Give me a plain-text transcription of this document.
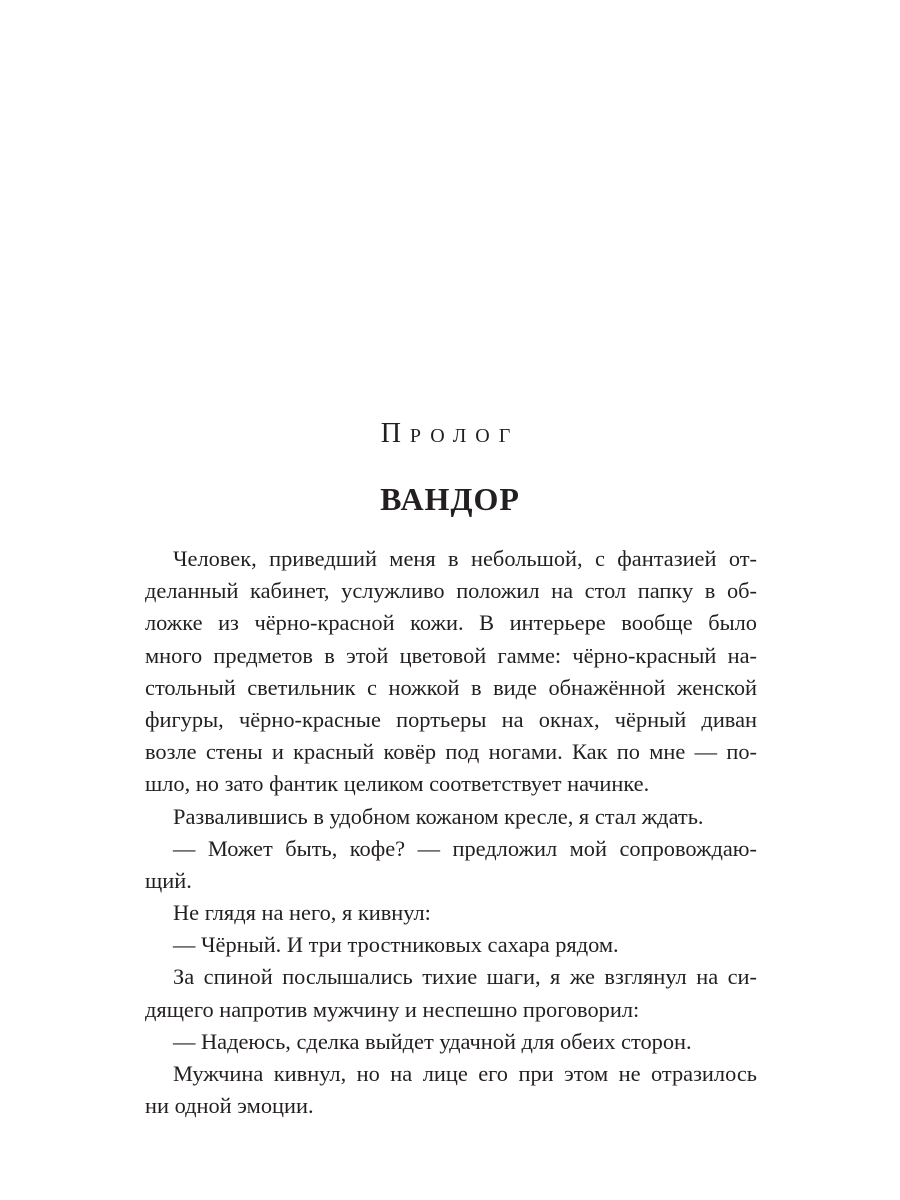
Пролог
ВАНДОР
Человек, приведший меня в небольшой, с фантазией от-
деланный кабинет, услужливо положил на стол папку в об-
ложке из чёрно-красной кожи. В интерьере вообще было
много предметов в этой цветовой гамме: чёрно-красный на-
стольный светильник с ножкой в виде обнажённой женской
фигуры, чёрно-красные портьеры на окнах, чёрный диван
возле стены и красный ковёр под ногами. Как по мне — по-
шло, но зато фантик целиком соответствует начинке.
Развалившись в удобном кожаном кресле, я стал ждать.
— Может быть, кофе? — предложил мой сопровождаю-
щий.
Не глядя на него, я кивнул:
— Чёрный. И три тростниковых сахара рядом.
За спиной послышались тихие шаги, я же взглянул на си-
дящего напротив мужчину и неспешно проговорил:
— Надеюсь, сделка выйдет удачной для обеих сторон.
Мужчина кивнул, но на лице его при этом не отразилось
ни одной эмоции.
